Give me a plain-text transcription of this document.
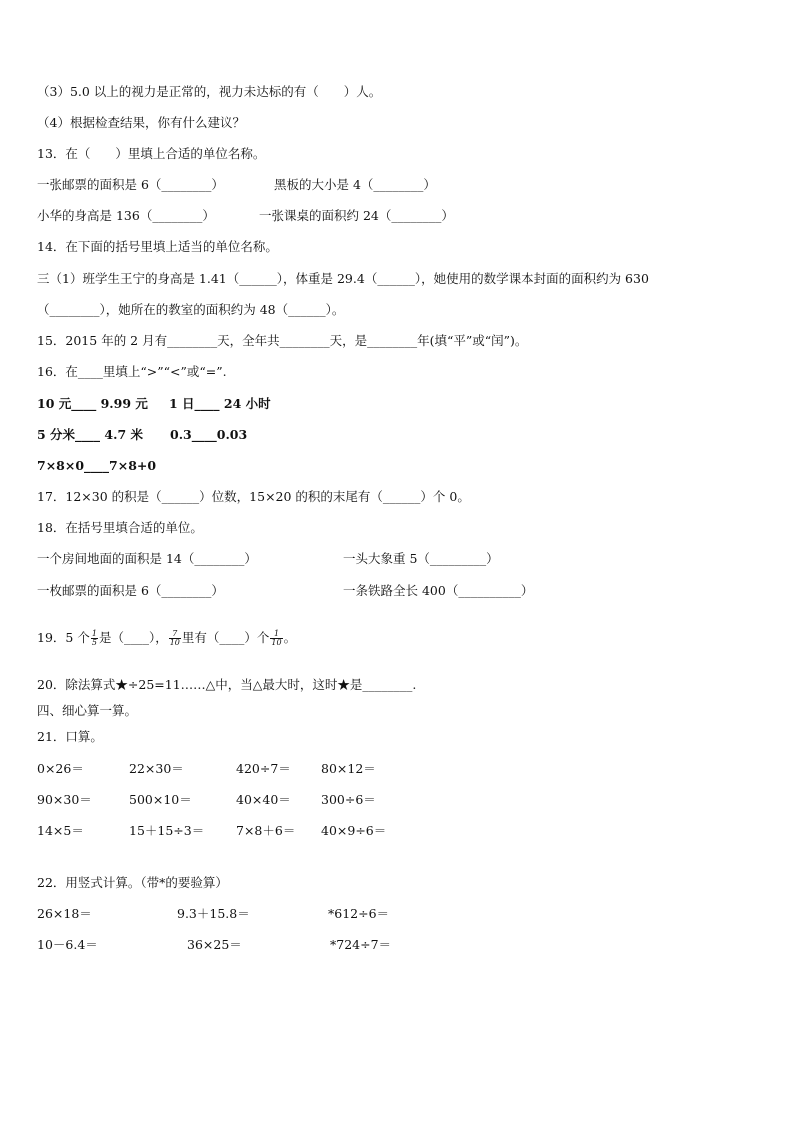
（3）5.0 以上的视力是正常的，视力未达标的有（　　）人。
（4）根据检查结果，你有什么建议？
13．在（　　）里填上合适的单位名称。
一张邮票的面积是 6（________）	黑板的大小是 4（________）
小华的身高是 136（________）	一张课桌的面积约 24（________）
14．在下面的括号里填上适当的单位名称。
三（1）班学生王宁的身高是 1.41（______），体重是 29.4（______），她使用的数学课本封面的面积约为 630
（________），她所在的教室的面积约为 48（______）。
15．2015 年的 2 月有________天，全年共________天，是________年(填“平”或“闰”)。
16．在____里填上“>”“<”或“=”.
10 元____ 9.99 元 1 日____ 24 小时
5 分米____ 4.7 米 0.3____0.03
7×8×0____7×8+0
17．12×30 的积是（______）位数，15×20 的积的末尾有（______）个 0。
18．在括号里填合适的单位。
一个房间地面的面积是 14（________）	一头大象重 5（_________）
一枚邮票的面积是 6（________）	一条铁路全长 400（__________）
19．5 个 $\frac{1}{5}$ 是（____）， $\frac{7}{10}$ 里有（____）个 $\frac{1}{10}$ 。
20．除法算式★÷25=11……△中，当△最大时，这时★是________.
四、细心算一算。
21．口算。
0×26＝	22×30＝	420÷7＝ 80×12＝
90×30＝	500×10＝	40×40＝ 300÷6＝
14×5＝	15＋15÷3＝	7×8＋6＝ 40×9÷6＝
22．用竖式计算。（带*的要验算）
26×18＝	9.3＋15.8＝	*612÷6＝
10－6.4＝	36×25＝	*724÷7＝
